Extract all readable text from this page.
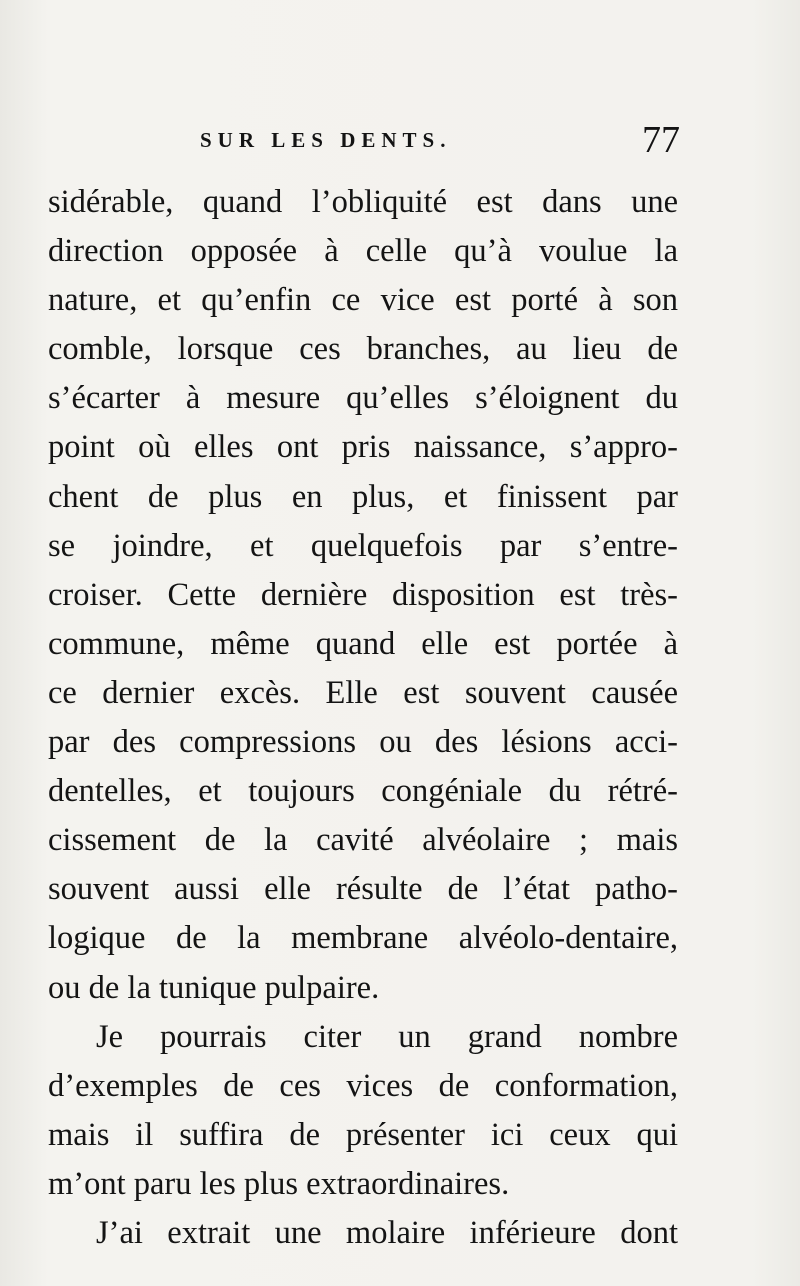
SUR LES DENTS.	77
sidérable, quand l’obliquité est dans une
direction opposée à celle qu’à voulue la
nature, et qu’enfin ce vice est porté à son
comble, lorsque ces branches, au lieu de
s’écarter à mesure qu’elles s’éloignent du
point où elles ont pris naissance, s’appro-
chent de plus en plus, et finissent par
se joindre, et quelquefois par s’entre-
croiser. Cette dernière disposition est très-
commune, même quand elle est portée à
ce dernier excès. Elle est souvent causée
par des compressions ou des lésions acci-
dentelles, et toujours congéniale du rétré-
cissement de la cavité alvéolaire ; mais
souvent aussi elle résulte de l’état patho-
logique de la membrane alvéolo-dentaire,
ou de la tunique pulpaire.
Je pourrais citer un grand nombre
d’exemples de ces vices de conformation,
mais il suffira de présenter ici ceux qui
m’ont paru les plus extraordinaires.
J’ai extrait une molaire inférieure dont
